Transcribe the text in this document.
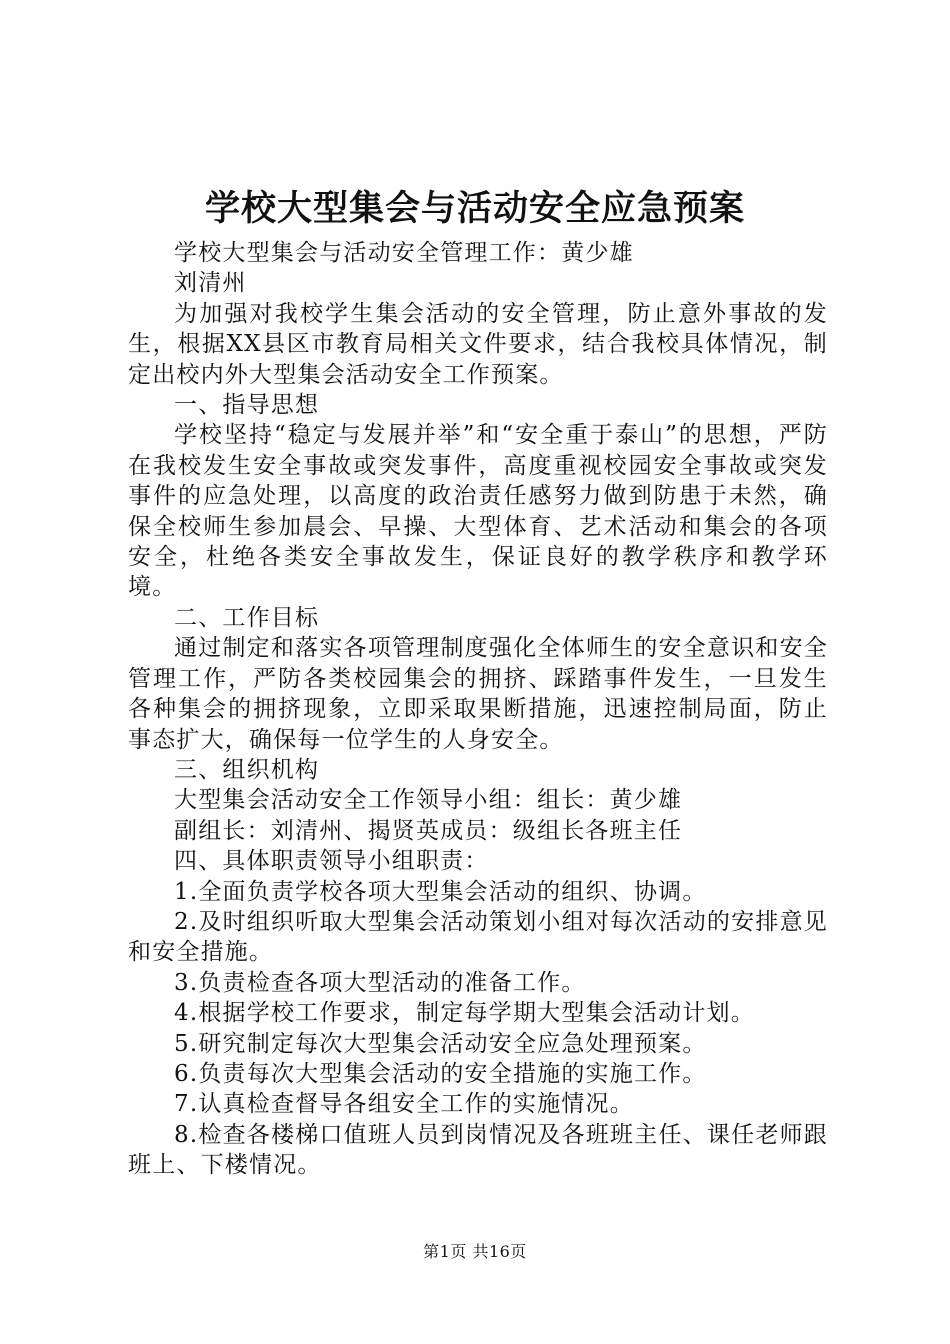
学校大型集会与活动安全应急预案

学校大型集会与活动安全管理工作：黄少雄

刘清州

为加强对我校学生集会活动的安全管理，防止意外事故的发生，根据XX县区市教育局相关文件要求，结合我校具体情况，制定出校内外大型集会活动安全工作预案。

一、指导思想

学校坚持“稳定与发展并举”和“安全重于泰山”的思想，严防在我校发生安全事故或突发事件，高度重视校园安全事故或突发事件的应急处理，以高度的政治责任感努力做到防患于未然，确保全校师生参加晨会、早操、大型体育、艺术活动和集会的各项安全，杜绝各类安全事故发生，保证良好的教学秩序和教学环境。

二、工作目标

通过制定和落实各项管理制度强化全体师生的安全意识和安全管理工作，严防各类校园集会的拥挤、踩踏事件发生，一旦发生各种集会的拥挤现象，立即采取果断措施，迅速控制局面，防止事态扩大，确保每一位学生的人身安全。

三、组织机构

大型集会活动安全工作领导小组：组长：黄少雄

副组长：刘清州、揭贤英成员：级组长各班主任

四、具体职责领导小组职责：

1.全面负责学校各项大型集会活动的组织、协调。

2.及时组织听取大型集会活动策划小组对每次活动的安排意见和安全措施。

3.负责检查各项大型活动的准备工作。

4.根据学校工作要求，制定每学期大型集会活动计划。

5.研究制定每次大型集会活动安全应急处理预案。

6.负责每次大型集会活动的安全措施的实施工作。

7.认真检查督导各组安全工作的实施情况。

8.检查各楼梯口值班人员到岗情况及各班班主任、课任老师跟班上、下楼情况。

第1页 共16页
